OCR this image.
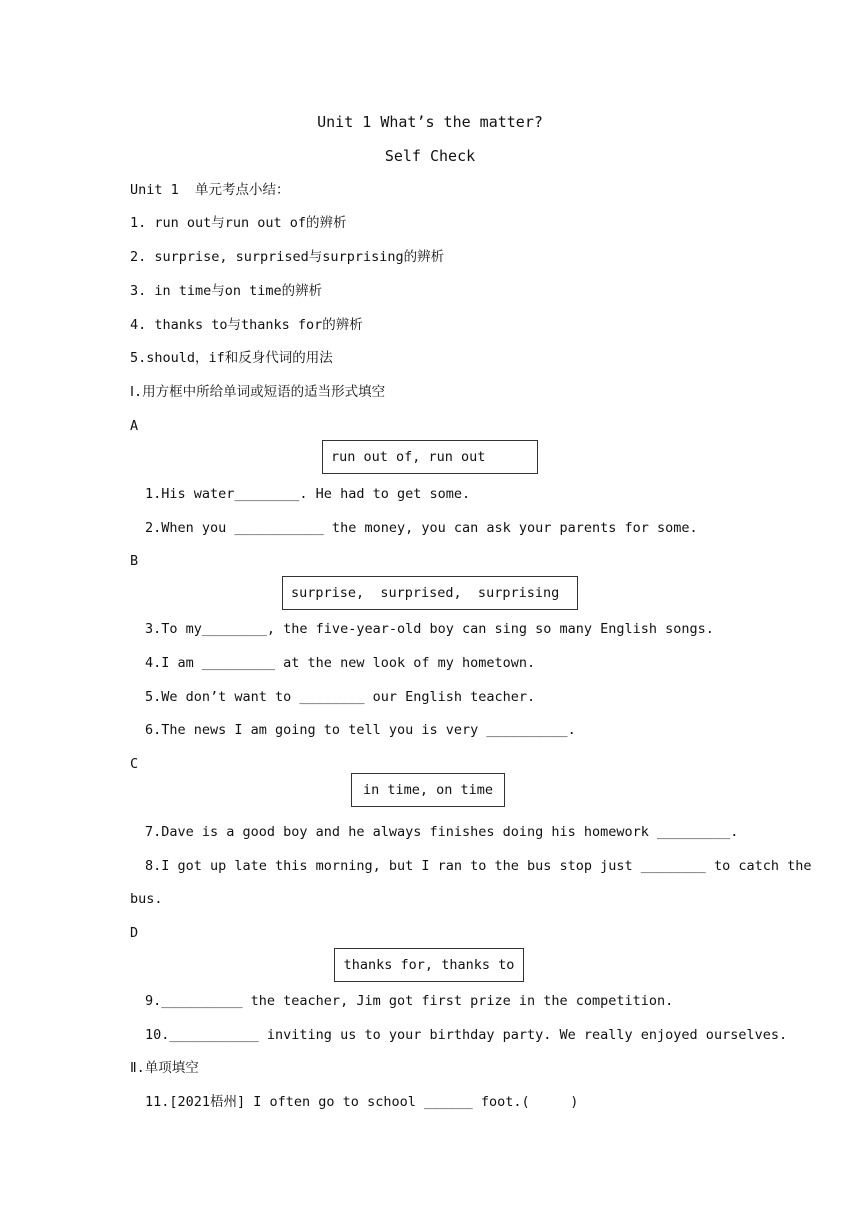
Unit 1 What’s the matter?
Self Check
Unit 1  单元考点小结：
1. run out与run out of的辨析
2. surprise, surprised与surprising的辨析
3. in time与on time的辨析
4. thanks to与thanks for的辨析
5.should，if和反身代词的用法
Ⅰ.用方框中所给单词或短语的适当形式填空
A
run out of, run out
1.His water________. He had to get some.
2.When you ___________ the money, you can ask your parents for some.
B
surprise,  surprised,  surprising
3.To my________, the five-year-old boy can sing so many English songs.
4.I am _________ at the new look of my hometown.
5.We don’t want to ________ our English teacher.
6.The news I am going to tell you is very __________.
C
in time, on time
7.Dave is a good boy and he always finishes doing his homework _________.
8.I got up late this morning, but I ran to the bus stop just ________ to catch the
bus.
D
thanks for, thanks to
9.__________ the teacher, Jim got first prize in the competition.
10.___________ inviting us to your birthday party. We really enjoyed ourselves.
Ⅱ.单项填空
11.[2021梧州] I often go to school ______ foot.(     )
